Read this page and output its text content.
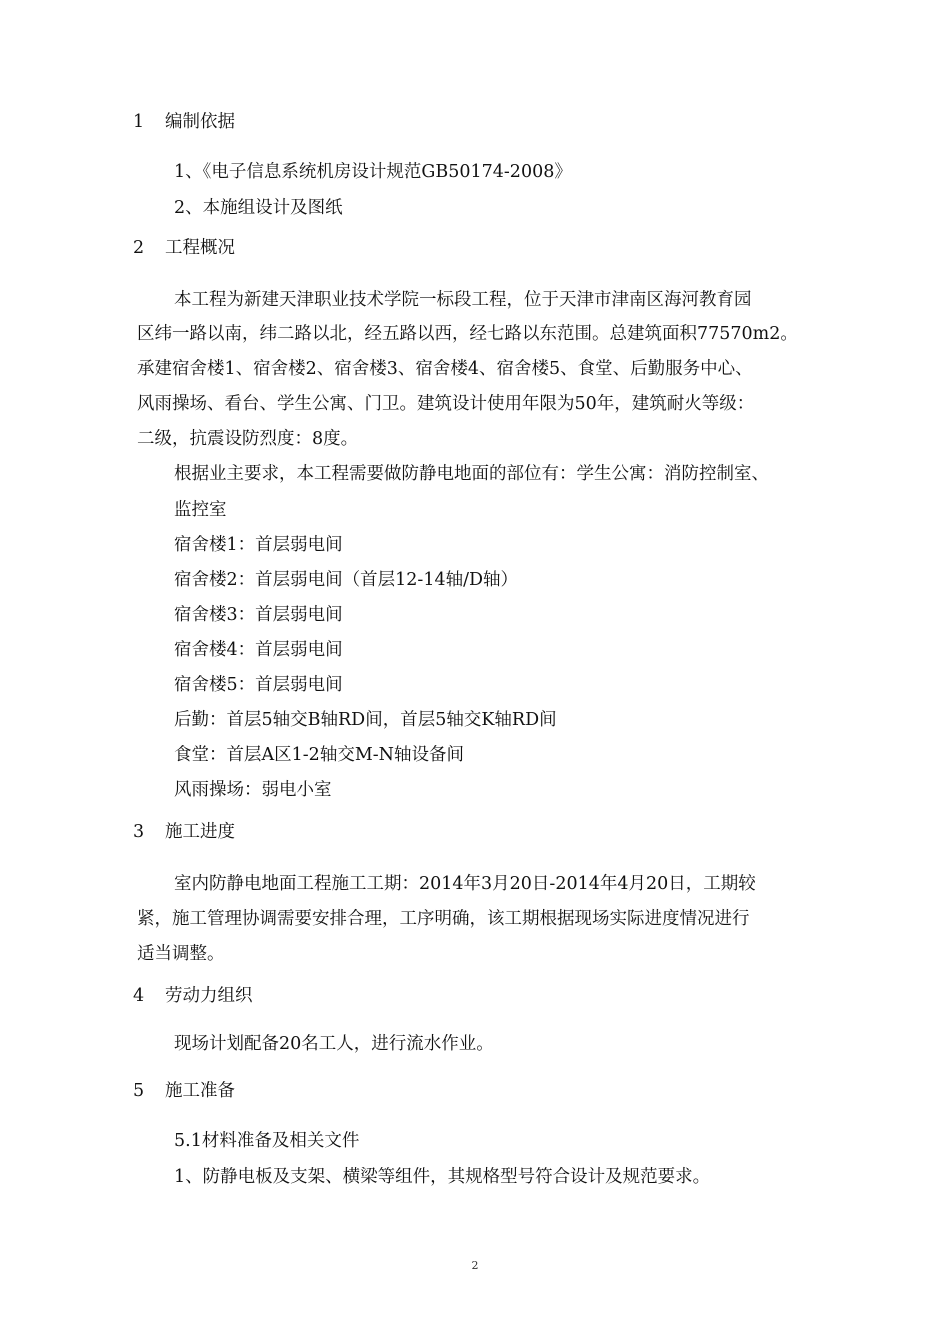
1 编制依据
1、《电子信息系统机房设计规范GB50174-2008》
2、本施组设计及图纸
2 工程概况
本工程为新建天津职业技术学院一标段工程，位于天津市津南区海河教育园
区纬一路以南，纬二路以北，经五路以西，经七路以东范围。总建筑面积77570m2。
承建宿舍楼1、宿舍楼2、宿舍楼3、宿舍楼4、宿舍楼5、食堂、后勤服务中心、
风雨操场、看台、学生公寓、门卫。建筑设计使用年限为50年，建筑耐火等级：
二级，抗震设防烈度：8度。
根据业主要求，本工程需要做防静电地面的部位有：学生公寓：消防控制室、
监控室
宿舍楼1：首层弱电间
宿舍楼2：首层弱电间（首层12-14轴/D轴）
宿舍楼3：首层弱电间
宿舍楼4：首层弱电间
宿舍楼5：首层弱电间
后勤：首层5轴交B轴RD间，首层5轴交K轴RD间
食堂：首层A区1-2轴交M-N轴设备间
风雨操场：弱电小室
3 施工进度
室内防静电地面工程施工工期：2014年3月20日-2014年4月20日，工期较
紧，施工管理协调需要安排合理，工序明确，该工期根据现场实际进度情况进行
适当调整。
4 劳动力组织
现场计划配备20名工人，进行流水作业。
5 施工准备
5.1材料准备及相关文件
1、防静电板及支架、横梁等组件，其规格型号符合设计及规范要求。
2
